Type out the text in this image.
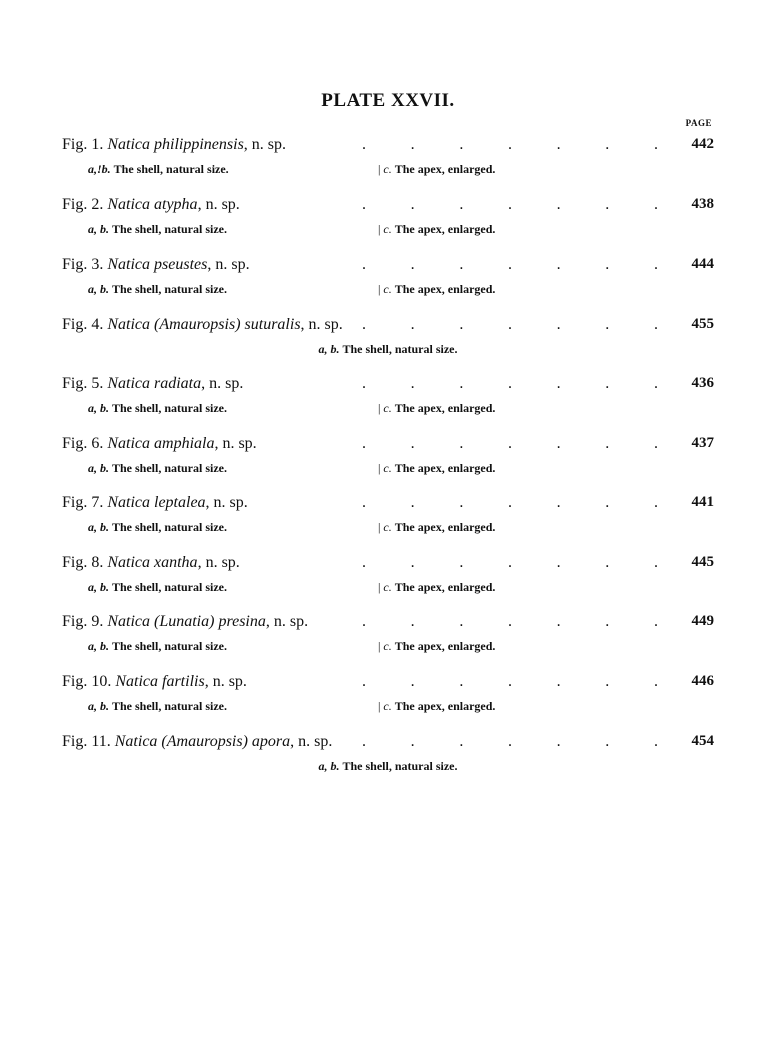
PLATE XXVII.
PAGE
Fig. 1. Natica philippinensis, n. sp.	.	.	.	.	.	.	. 442
a,!b. The shell, natural size.	| c. The apex, enlarged.
Fig. 2. Natica atypha, n. sp.	.	.	.	.	.	.	. 438
a, b. The shell, natural size.	| c. The apex, enlarged.
Fig. 3. Natica pseustes, n. sp.	.	.	.	.	.	.	. 444
a, b. The shell, natural size.	| c. The apex, enlarged.
Fig. 4. Natica (Amauropsis) suturalis, n. sp. .	.	.	.	.	.	. 455
a, b. The shell, natural size.
Fig. 5. Natica radiata, n. sp.	.	.	.	.	.	.	. 436
a, b. The shell, natural size.	| c. The apex, enlarged.
Fig. 6. Natica amphiala, n. sp.	.	.	.	.	.	.	. 437
a, b. The shell, natural size.	| c. The apex, enlarged.
Fig. 7. Natica leptalea, n. sp.	.	.	.	.	.	.	. 441
a, b. The shell, natural size.	| c. The apex, enlarged.
Fig. 8. Natica xantha, n. sp.	.	.	.	.	.	.	. 445
a, b. The shell, natural size.	| c. The apex, enlarged.
Fig. 9. Natica (Lunatia) presina, n. sp.	.	.	.	.	.	.	. 449
a, b. The shell, natural size.	| c. The apex, enlarged.
Fig. 10. Natica fartilis, n. sp.	.	.	.	.	.	.	. 446
a, b. The shell, natural size.	| c. The apex, enlarged.
Fig. 11. Natica (Amauropsis) apora, n. sp. .	.	.	.	.	.	. 454
a, b. The shell, natural size.
